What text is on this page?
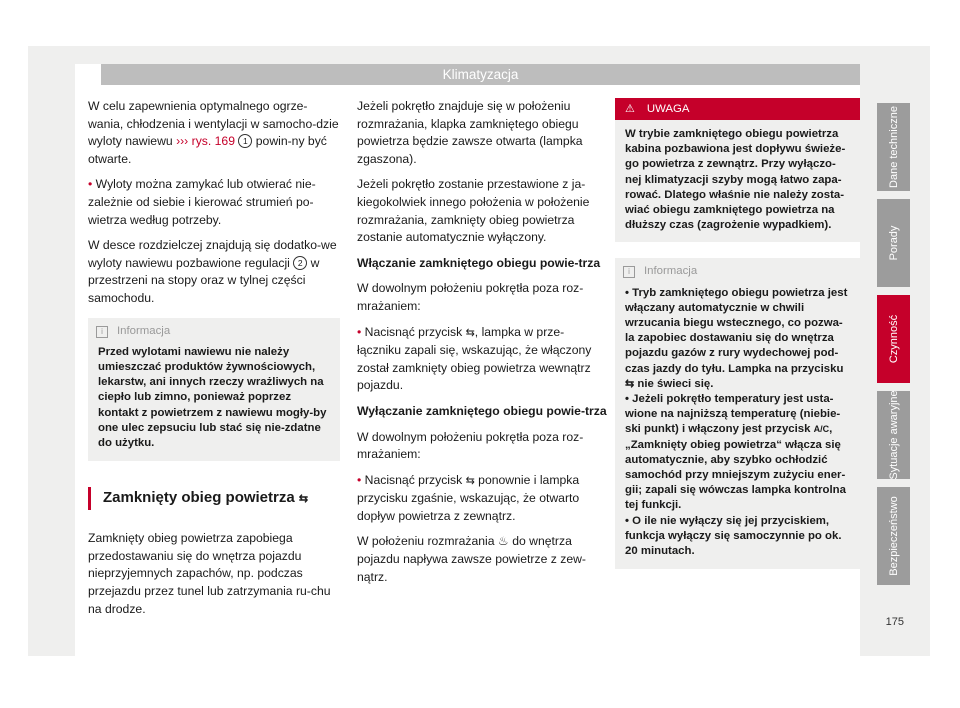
Klimatyzacja
Dane techniczne
Porady
Czynność
Sytuacje awaryjne
Bezpieczeństwo
175

W celu zapewnienia optymalnego ogrze-wania, chłodzenia i wentylacji w samocho-dzie wyloty nawiewu ››› rys. 169 1 powin-ny być otwarte.

• Wyloty można zamykać lub otwierać nie-zależnie od siebie i kierować strumień po-wietrza według potrzeby.

W desce rozdzielczej znajdują się dodatko-we wyloty nawiewu pozbawione regulacji 2 w przestrzeni na stopy oraz w tylnej części samochodu.

i Informacja

Przed wylotami nawiewu nie należy umieszczać produktów żywnościowych, lekarstw, ani innych rzeczy wrażliwych na ciepło lub zimno, ponieważ poprzez kontakt z powietrzem z nawiewu mogły-by one ulec zepsuciu lub stać się nie-zdatne do użytku.

Zamknięty obieg powietrza ⇆

Zamknięty obieg powietrza zapobiega przedostawaniu się do wnętrza pojazdu nieprzyjemnych zapachów, np. podczas przejazdu przez tunel lub zatrzymania ru-chu na drodze.

Jeżeli pokrętło znajduje się w położeniu rozmrażania, klapka zamkniętego obiegu powietrza będzie zawsze otwarta (lampka zgaszona).

Jeżeli pokrętło zostanie przestawione z ja-kiegokolwiek innego położenia w położenie rozmrażania, zamknięty obieg powietrza zostanie automatycznie wyłączony.

Włączanie zamkniętego obiegu powie-trza

W dowolnym położeniu pokrętła poza roz-mrażaniem:

• Nacisnąć przycisk ⇆, lampka w prze-łączniku zapali się, wskazując, że włączony został zamknięty obieg powietrza wewnątrz pojazdu.

Wyłączanie zamkniętego obiegu powie-trza

W dowolnym położeniu pokrętła poza roz-mrażaniem:

• Nacisnąć przycisk ⇆ ponownie i lampka przycisku zgaśnie, wskazując, że otwarto dopływ powietrza z zewnątrz.

W położeniu rozmrażania ♨ do wnętrza pojazdu napływa zawsze powietrze z zew-nątrz.

⚠ UWAGA

W trybie zamkniętego obiegu powietrza kabina pozbawiona jest dopływu świeże-go powietrza z zewnątrz. Przy wyłączo-nej klimatyzacji szyby mogą łatwo zapa-rować. Dlatego właśnie nie należy zosta-wiać obiegu zamkniętego powietrza na dłuższy czas (zagrożenie wypadkiem).

i Informacja

• Tryb zamkniętego obiegu powietrza jest włączany automatycznie w chwili wrzucania biegu wstecznego, co pozwa-la zapobiec dostawaniu się do wnętrza pojazdu gazów z rury wydechowej pod-czas jazdy do tyłu. Lampka na przycisku ⇆ nie świeci się.

• Jeżeli pokrętło temperatury jest usta-wione na najniższą temperaturę (niebie-ski punkt) i włączony jest przycisk A/C, „Zamknięty obieg powietrza“ włącza się automatycznie, aby szybko ochłodzić samochód przy mniejszym zużyciu ener-gii; zapali się wówczas lampka kontrolna tej funkcji.

• O ile nie wyłączy się jej przyciskiem, funkcja wyłączy się samoczynnie po ok. 20 minutach.
